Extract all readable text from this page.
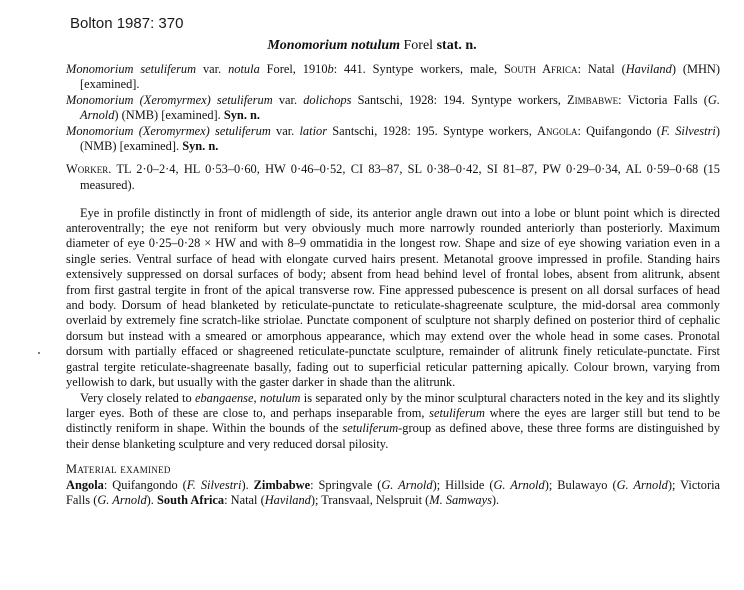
Bolton 1987: 370
Monomorium notulum Forel stat. n.

Monomorium setuliferum var. notula Forel, 1910b: 441. Syntype workers, male, South Africa: Natal (Haviland) (MHN) [examined].

Monomorium (Xeromyrmex) setuliferum var. dolichops Santschi, 1928: 194. Syntype workers, Zimbabwe: Victoria Falls (G. Arnold) (NMB) [examined]. Syn. n.

Monomorium (Xeromyrmex) setuliferum var. latior Santschi, 1928: 195. Syntype workers, Angola: Quifangondo (F. Silvestri) (NMB) [examined]. Syn. n.

Worker. TL 2·0–2·4, HL 0·53–0·60, HW 0·46–0·52, CI 83–87, SL 0·38–0·42, SI 81–87, PW 0·29–0·34, AL 0·59–0·68 (15 measured).

Eye in profile distinctly in front of midlength of side, its anterior angle drawn out into a lobe or blunt point which is directed anteroventrally; the eye not reniform but very obviously much more narrowly rounded anteriorly than posteriorly. Maximum diameter of eye 0·25–0·28 × HW and with 8–9 ommatidia in the longest row. Shape and size of eye showing variation even in a single series. Ventral surface of head with elongate curved hairs present. Metanotal groove impressed in profile. Standing hairs extensively suppressed on dorsal surfaces of body; absent from head behind level of frontal lobes, absent from alitrunk, absent from first gastral tergite in front of the apical transverse row. Fine appressed pubescence is present on all dorsal surfaces of head and body. Dorsum of head blanketed by reticulate-punctate to reticulate-shagreenate sculpture, the mid-dorsal area commonly overlaid by extremely fine scratch-like striolae. Punctate component of sculpture not sharply defined on posterior third of cephalic dorsum but instead with a smeared or amorphous appearance, which may extend over the whole head in some cases. Pronotal dorsum with partially effaced or shagreened reticulate-punctate sculpture, remainder of alitrunk finely reticulate-punctate. First gastral tergite reticulate-shagreenate basally, fading out to superficial reticular patterning apically. Colour brown, varying from yellowish to dark, but usually with the gaster darker in shade than the alitrunk.

Very closely related to ebangaense, notulum is separated only by the minor sculptural characters noted in the key and its slightly larger eyes. Both of these are close to, and perhaps inseparable from, setuliferum where the eyes are larger still but tend to be distinctly reniform in shape. Within the bounds of the setuliferum-group as defined above, these three forms are distinguished by their dense blanketing sculpture and very reduced dorsal pilosity.

Material examined

Angola: Quifangondo (F. Silvestri). Zimbabwe: Springvale (G. Arnold); Hillside (G. Arnold); Bulawayo (G. Arnold); Victoria Falls (G. Arnold). South Africa: Natal (Haviland); Transvaal, Nelspruit (M. Samways).
